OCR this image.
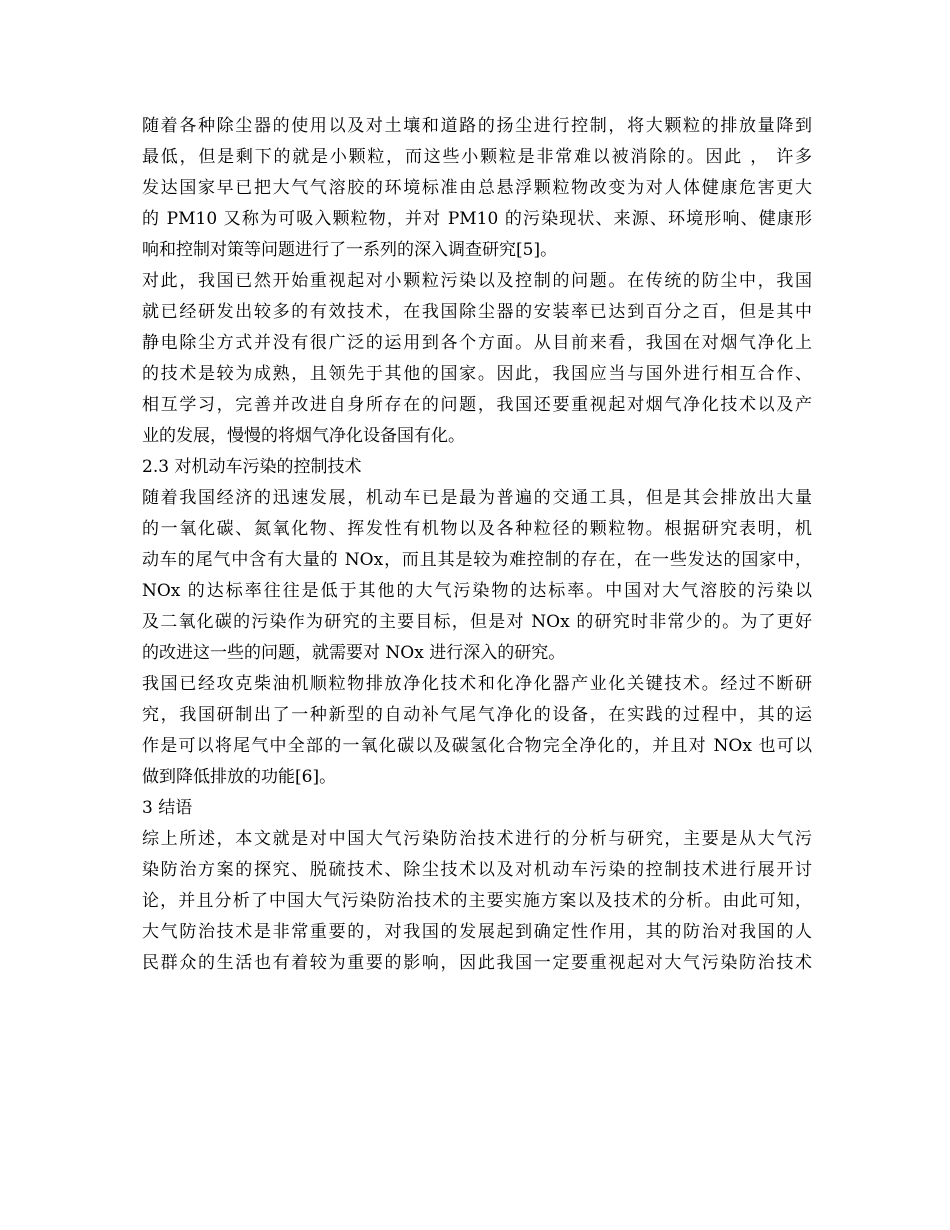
随着各种除尘器的使用以及对土壤和道路的扬尘进行控制，将大颗粒的排放量降到
最低，但是剩下的就是小颗粒，而这些小颗粒是非常难以被消除的。因此 ， 许多
发达国家早已把大气气溶胶的环境标准由总悬浮颗粒物改变为对人体健康危害更大
的 PM10 又称为可吸入颗粒物，并对 PM10 的污染现状、来源、环境形响、健康形
响和控制对策等问题进行了一系列的深入调查研究[5]。
对此，我国已然开始重视起对小颗粒污染以及控制的问题。在传统的防尘中，我国
就已经研发出较多的有效技术，在我国除尘器的安装率已达到百分之百，但是其中
静电除尘方式并没有很广泛的运用到各个方面。从目前来看，我国在对烟气净化上
的技术是较为成熟，且领先于其他的国家。因此，我国应当与国外进行相互合作、
相互学习，完善并改进自身所存在的问题，我国还要重视起对烟气净化技术以及产
业的发展，慢慢的将烟气净化设备国有化。
2.3 对机动车污染的控制技术
随着我国经济的迅速发展，机动车已是最为普遍的交通工具，但是其会排放出大量
的一氧化碳、氮氧化物、挥发性有机物以及各种粒径的颗粒物。根据研究表明，机
动车的尾气中含有大量的 NOx，而且其是较为难控制的存在，在一些发达的国家中，
NOx 的达标率往往是低于其他的大气污染物的达标率。中国对大气溶胶的污染以
及二氧化碳的污染作为研究的主要目标，但是对 NOx 的研究时非常少的。为了更好
的改进这一些的问题，就需要对 NOx 进行深入的研究。
我国已经攻克柴油机顺粒物排放净化技术和化净化器产业化关键技术。经过不断研
究，我国研制出了一种新型的自动补气尾气净化的设备，在实践的过程中，其的运
作是可以将尾气中全部的一氧化碳以及碳氢化合物完全净化的，并且对 NOx 也可以
做到降低排放的功能[6]。
3 结语
综上所述，本文就是对中国大气污染防治技术进行的分析与研究，主要是从大气污
染防治方案的探究、脱硫技术、除尘技术以及对机动车污染的控制技术进行展开讨
论，并且分析了中国大气污染防治技术的主要实施方案以及技术的分析。由此可知，
大气防治技术是非常重要的，对我国的发展起到确定性作用，其的防治对我国的人
民群众的生活也有着较为重要的影响，因此我国一定要重视起对大气污染防治技术
